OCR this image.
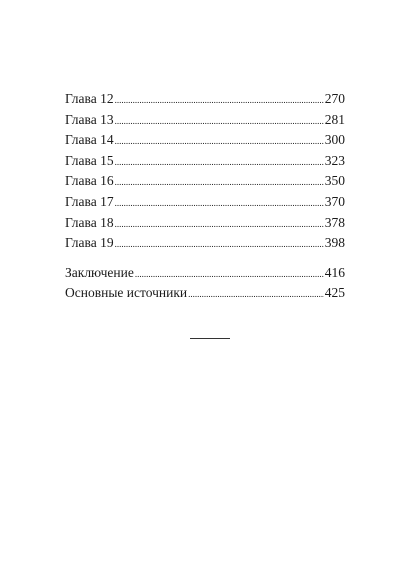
Глава 12 .....	270
Глава 13 .....	281
Глава 14 .....	300
Глава 15 .....	323
Глава 16 .....	350
Глава 17 .....	370
Глава 18 .....	378
Глава 19 .....	398
Заключение .....	416
Основные источники .....	425
